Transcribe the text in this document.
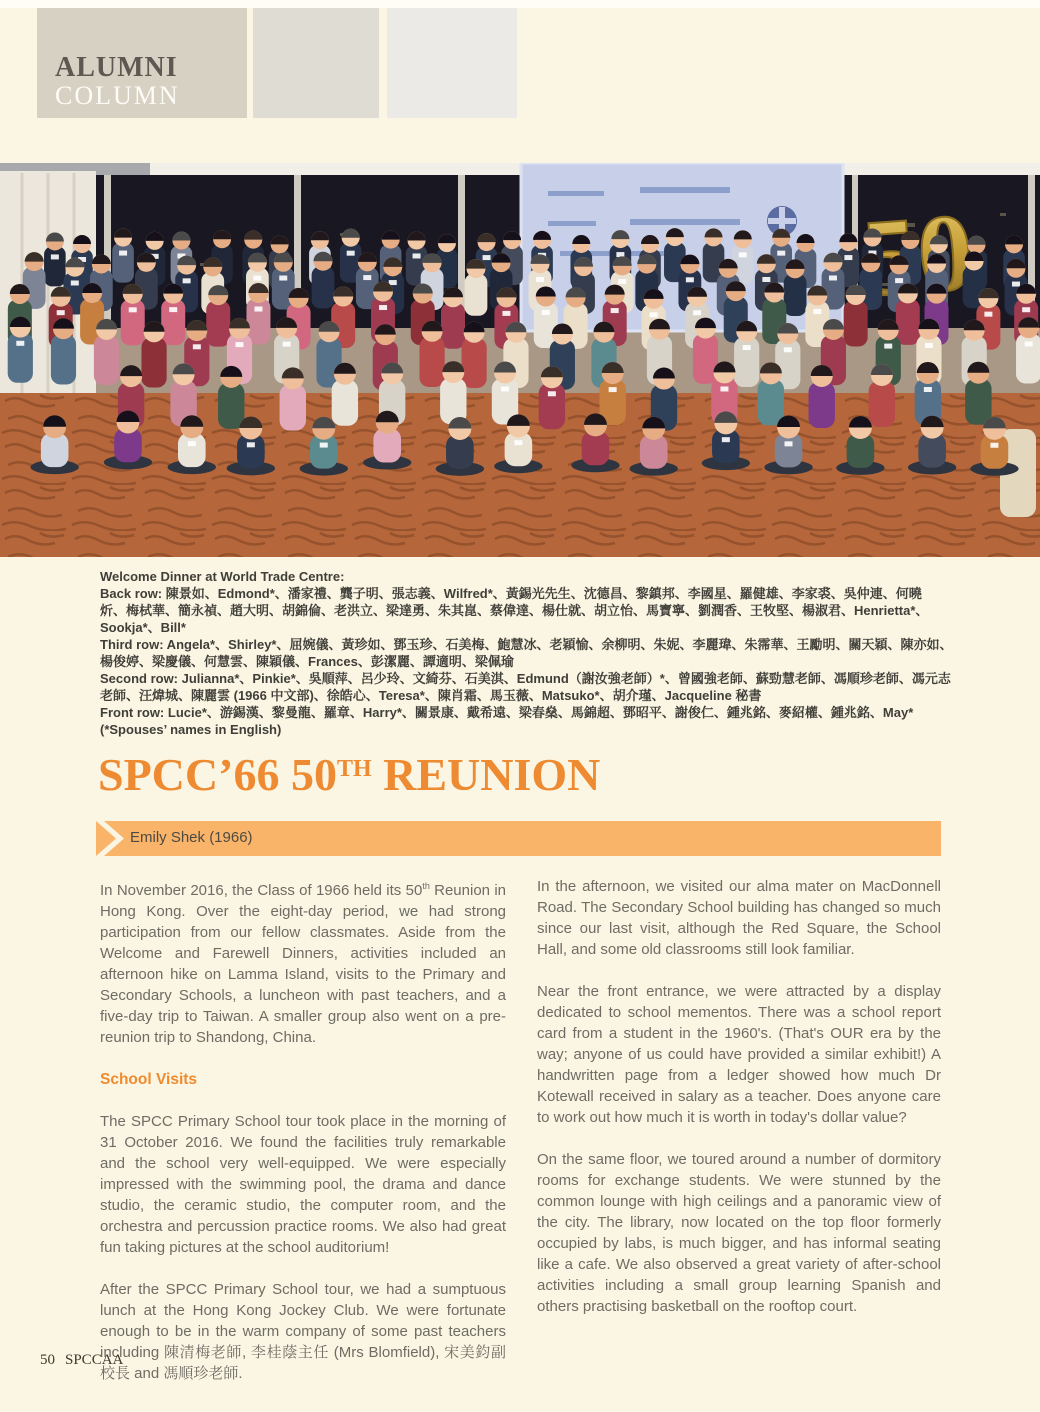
ALUMNI
COLUMN
Welcome Dinner at World Trade Centre:
Back row: 陳景如、Edmond*、潘家禮、龔子明、張志義、Wilfred*、黃錫光先生、沈德昌、黎鎮邦、李國星、羅健雄、李家裘、吳仲連、何曉
炘、梅栻華、簡永禎、趙大明、胡錦倫、老洪立、梁達勇、朱其崑、蔡偉達、楊仕就、胡立怡、馬寶寧、劉潤香、王牧堅、楊淑君、Henrietta*、
Sookja*、Bill*
Third row: Angela*、Shirley*、屈婉儀、黃珍如、鄧玉珍、石美梅、鮑慧冰、老穎愉、余柳明、朱妮、李麗瑋、朱霈華、王勵明、關天穎、陳亦如、
楊俊婷、梁慶儀、何慧雲、陳穎儀、Frances、彭潔麗、譚適明、梁佩瑜
Second row: Julianna*、Pinkie*、吳順萍、呂少玲、文綺芬、石美淇、Edmund（謝汝強老師）*、曾國強老師、蘇勁慧老師、馮順珍老師、馮元志
老師、汪煒城、陳麗雲 (1966 中文部)、徐皓心、Teresa*、陳肖霜、馬玉薇、Matsuko*、胡介瑾、Jacqueline 秘書
Front row: Lucie*、游錫漢、黎曼龍、羅章、Harry*、關景康、戴希遠、梁春燊、馬錦超、鄧昭平、謝俊仁、鍾兆銘、麥紹權、鍾兆銘、May*
(*Spouses’ names in English)
SPCC’66 50TH REUNION
Emily Shek (1966)

In November 2016, the Class of 1966 held its 50th Reunion in Hong Kong. Over the eight-day period, we had strong participation from our fellow classmates. Aside from the Welcome and Farewell Dinners, activities included an afternoon hike on Lamma Island, visits to the Primary and Secondary Schools, a luncheon with past teachers, and a five-day trip to Taiwan. A smaller group also went on a pre-reunion trip to Shandong, China.

School Visits

The SPCC Primary School tour took place in the morning of 31 October 2016. We found the facilities truly remarkable and the school very well-equipped. We were especially impressed with the swimming pool, the drama and dance studio, the ceramic studio, the computer room, and the orchestra and percussion practice rooms. We also had great fun taking pictures at the school auditorium!

After the SPCC Primary School tour, we had a sumptuous lunch at the Hong Kong Jockey Club. We were fortunate enough to be in the warm company of some past teachers including 陳清梅老師, 李桂蔭主任 (Mrs Blomfield), 宋美鈞副校長 and 馮順珍老師.

In the afternoon, we visited our alma mater on MacDonnell Road. The Secondary School building has changed so much since our last visit, although the Red Square, the School Hall, and some old classrooms still look familiar.

Near the front entrance, we were attracted by a display dedicated to school mementos. There was a school report card from a student in the 1960's. (That's OUR era by the way; anyone of us could have provided a similar exhibit!) A handwritten page from a ledger showed how much Dr Kotewall received in salary as a teacher. Does anyone care to work out how much it is worth in today's dollar value?

On the same floor, we toured around a number of dormitory rooms for exchange students. We were stunned by the common lounge with high ceilings and a panoramic view of the city. The library, now located on the top floor formerly occupied by labs, is much bigger, and has informal seating like a cafe. We also observed a great variety of after-school activities including a small group learning Spanish and others practising basketball on the rooftop court.

50 SPCCAA
